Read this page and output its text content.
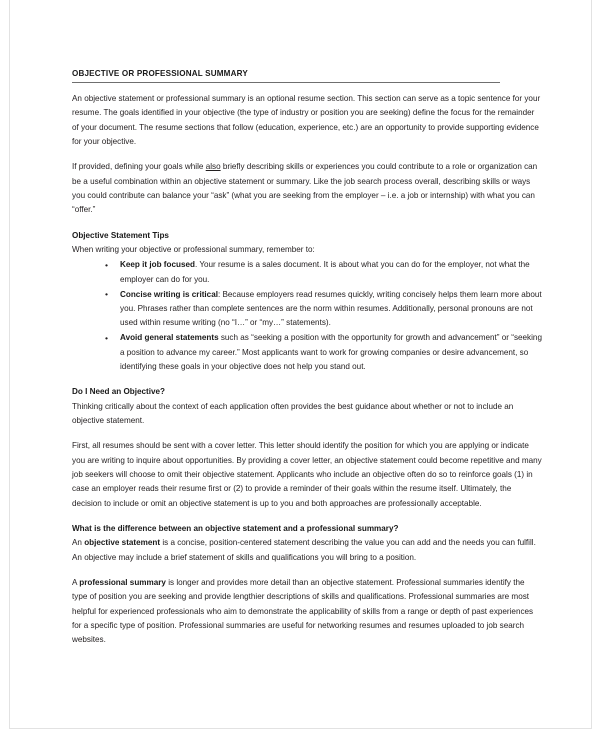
OBJECTIVE OR PROFESSIONAL SUMMARY

An objective statement or professional summary is an optional resume section. This section can serve as a topic sentence for your resume. The goals identified in your objective (the type of industry or position you are seeking) define the focus for the remainder of your document. The resume sections that follow (education, experience, etc.) are an opportunity to provide supporting evidence for your objective.

If provided, defining your goals while also briefly describing skills or experiences you could contribute to a role or organization can be a useful combination within an objective statement or summary. Like the job search process overall, describing skills or ways you could contribute can balance your “ask” (what you are seeking from the employer – i.e. a job or internship) with what you can “offer.”

Objective Statement Tips

When writing your objective or professional summary, remember to:

• Keep it job focused. Your resume is a sales document. It is about what you can do for the employer, not what the employer can do for you.
• Concise writing is critical: Because employers read resumes quickly, writing concisely helps them learn more about you. Phrases rather than complete sentences are the norm within resumes. Additionally, personal pronouns are not used within resume writing (no “I…” or “my…” statements).
• Avoid general statements such as “seeking a position with the opportunity for growth and advancement” or “seeking a position to advance my career.” Most applicants want to work for growing companies or desire advancement, so identifying these goals in your objective does not help you stand out.

Do I Need an Objective?

Thinking critically about the context of each application often provides the best guidance about whether or not to include an objective statement.

First, all resumes should be sent with a cover letter. This letter should identify the position for which you are applying or indicate you are writing to inquire about opportunities. By providing a cover letter, an objective statement could become repetitive and many job seekers will choose to omit their objective statement. Applicants who include an objective often do so to reinforce goals (1) in case an employer reads their resume first or (2) to provide a reminder of their goals within the resume itself. Ultimately, the decision to include or omit an objective statement is up to you and both approaches are professionally acceptable.

What is the difference between an objective statement and a professional summary?

An objective statement is a concise, position-centered statement describing the value you can add and the needs you can fulfill. An objective may include a brief statement of skills and qualifications you will bring to a position.

A professional summary is longer and provides more detail than an objective statement. Professional summaries identify the type of position you are seeking and provide lengthier descriptions of skills and qualifications. Professional summaries are most helpful for experienced professionals who aim to demonstrate the applicability of skills from a range or depth of past experiences for a specific type of position. Professional summaries are useful for networking resumes and resumes uploaded to job search websites.
